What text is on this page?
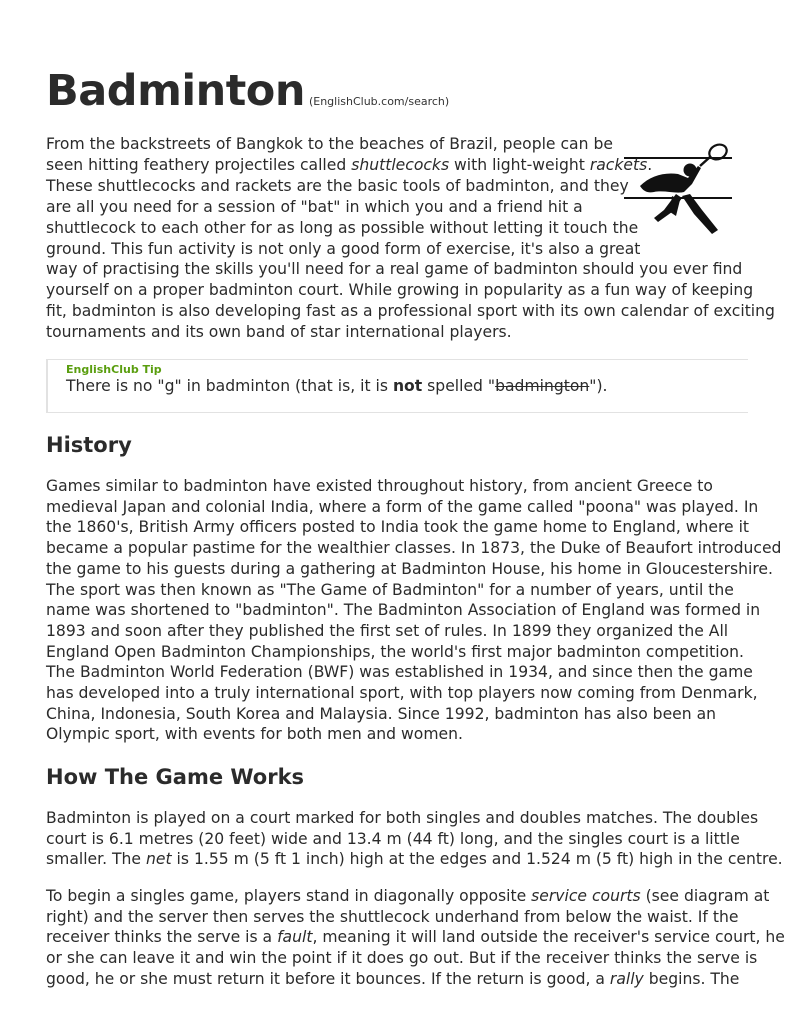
Badminton (EnglishClub.com/search)
From the backstreets of Bangkok to the beaches of Brazil, people can be
seen hitting feathery projectiles called shuttlecocks with light-weight rackets.
These shuttlecocks and rackets are the basic tools of badminton, and they
are all you need for a session of "bat" in which you and a friend hit a
shuttlecock to each other for as long as possible without letting it touch the
ground. This fun activity is not only a good form of exercise, it's also a great
way of practising the skills you'll need for a real game of badminton should you ever find
yourself on a proper badminton court. While growing in popularity as a fun way of keeping
fit, badminton is also developing fast as a professional sport with its own calendar of exciting
tournaments and its own band of star international players.
EnglishClub Tip
There is no "g" in badminton (that is, it is not spelled "badmington").
History
Games similar to badminton have existed throughout history, from ancient Greece to
medieval Japan and colonial India, where a form of the game called "poona" was played. In
the 1860's, British Army officers posted to India took the game home to England, where it
became a popular pastime for the wealthier classes. In 1873, the Duke of Beaufort introduced
the game to his guests during a gathering at Badminton House, his home in Gloucestershire.
The sport was then known as "The Game of Badminton" for a number of years, until the
name was shortened to "badminton". The Badminton Association of England was formed in
1893 and soon after they published the first set of rules. In 1899 they organized the All
England Open Badminton Championships, the world's first major badminton competition.
The Badminton World Federation (BWF) was established in 1934, and since then the game
has developed into a truly international sport, with top players now coming from Denmark,
China, Indonesia, South Korea and Malaysia. Since 1992, badminton has also been an
Olympic sport, with events for both men and women.
How The Game Works
Badminton is played on a court marked for both singles and doubles matches. The doubles
court is 6.1 metres (20 feet) wide and 13.4 m (44 ft) long, and the singles court is a little
smaller. The net is 1.55 m (5 ft 1 inch) high at the edges and 1.524 m (5 ft) high in the centre.
To begin a singles game, players stand in diagonally opposite service courts (see diagram at
right) and the server then serves the shuttlecock underhand from below the waist. If the
receiver thinks the serve is a fault, meaning it will land outside the receiver's service court, he
or she can leave it and win the point if it does go out. But if the receiver thinks the serve is
good, he or she must return it before it bounces. If the return is good, a rally begins. The
